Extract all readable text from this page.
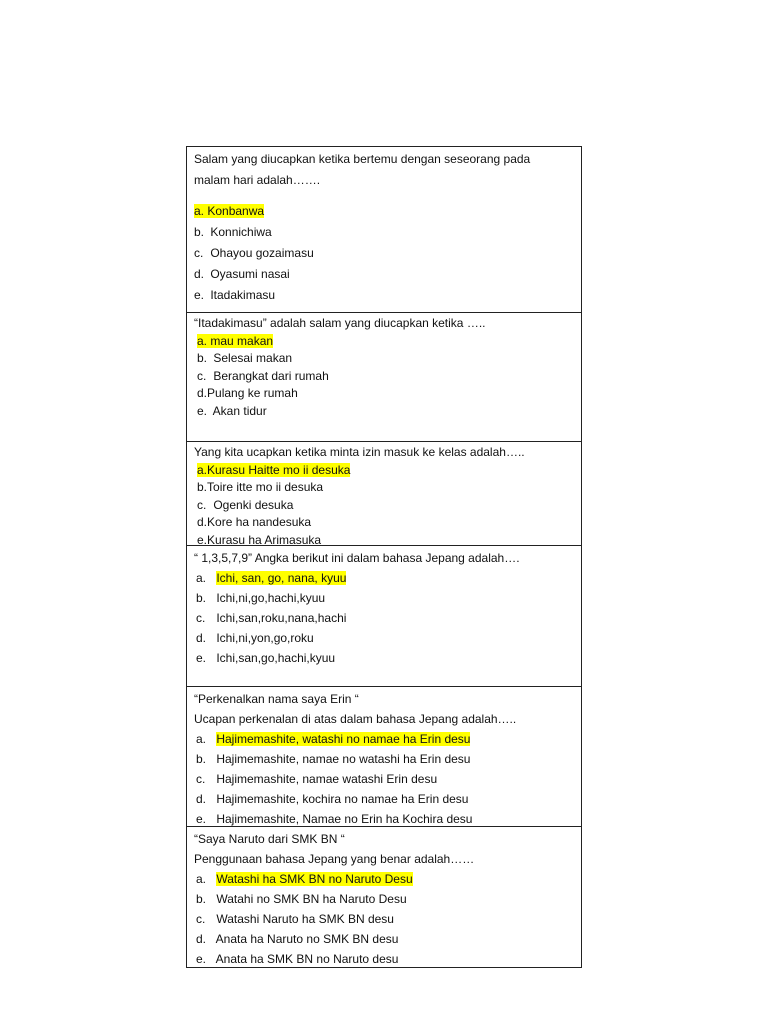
Salam yang diucapkan ketika bertemu dengan seseorang pada
malam hari adalah…….
a. Konbanwa
b. Konnichiwa
c. Ohayou gozaimasu
d. Oyasumi nasai
e. Itadakimasu
“Itadakimasu” adalah salam yang diucapkan ketika …..
a. mau makan
b. Selesai makan
c. Berangkat dari rumah
d.Pulang ke rumah
e. Akan tidur
Yang kita ucapkan ketika minta izin masuk ke kelas adalah…..
a.Kurasu Haitte mo ii desuka
b.Toire itte mo ii desuka
c. Ogenki desuka
d.Kore ha nandesuka
e.Kurasu ha Arimasuka
“ 1,3,5,7,9” Angka berikut ini dalam bahasa Jepang adalah….
a. Ichi, san, go, nana, kyuu
b. Ichi,ni,go,hachi,kyuu
c. Ichi,san,roku,nana,hachi
d. Ichi,ni,yon,go,roku
e. Ichi,san,go,hachi,kyuu
“Perkenalkan nama saya Erin “
Ucapan perkenalan di atas dalam bahasa Jepang adalah…..
a. Hajimemashite, watashi no namae ha Erin desu
b. Hajimemashite, namae no watashi ha Erin desu
c. Hajimemashite, namae watashi Erin desu
d. Hajimemashite, kochira no namae ha Erin desu
e. Hajimemashite, Namae no Erin ha Kochira desu
“Saya Naruto dari SMK BN “
Penggunaan bahasa Jepang yang benar adalah……
a. Watashi ha SMK BN no Naruto Desu
b. Watahi no SMK BN ha Naruto Desu
c. Watashi Naruto ha SMK BN desu
d. Anata ha Naruto no SMK BN desu
e. Anata ha SMK BN no Naruto desu
